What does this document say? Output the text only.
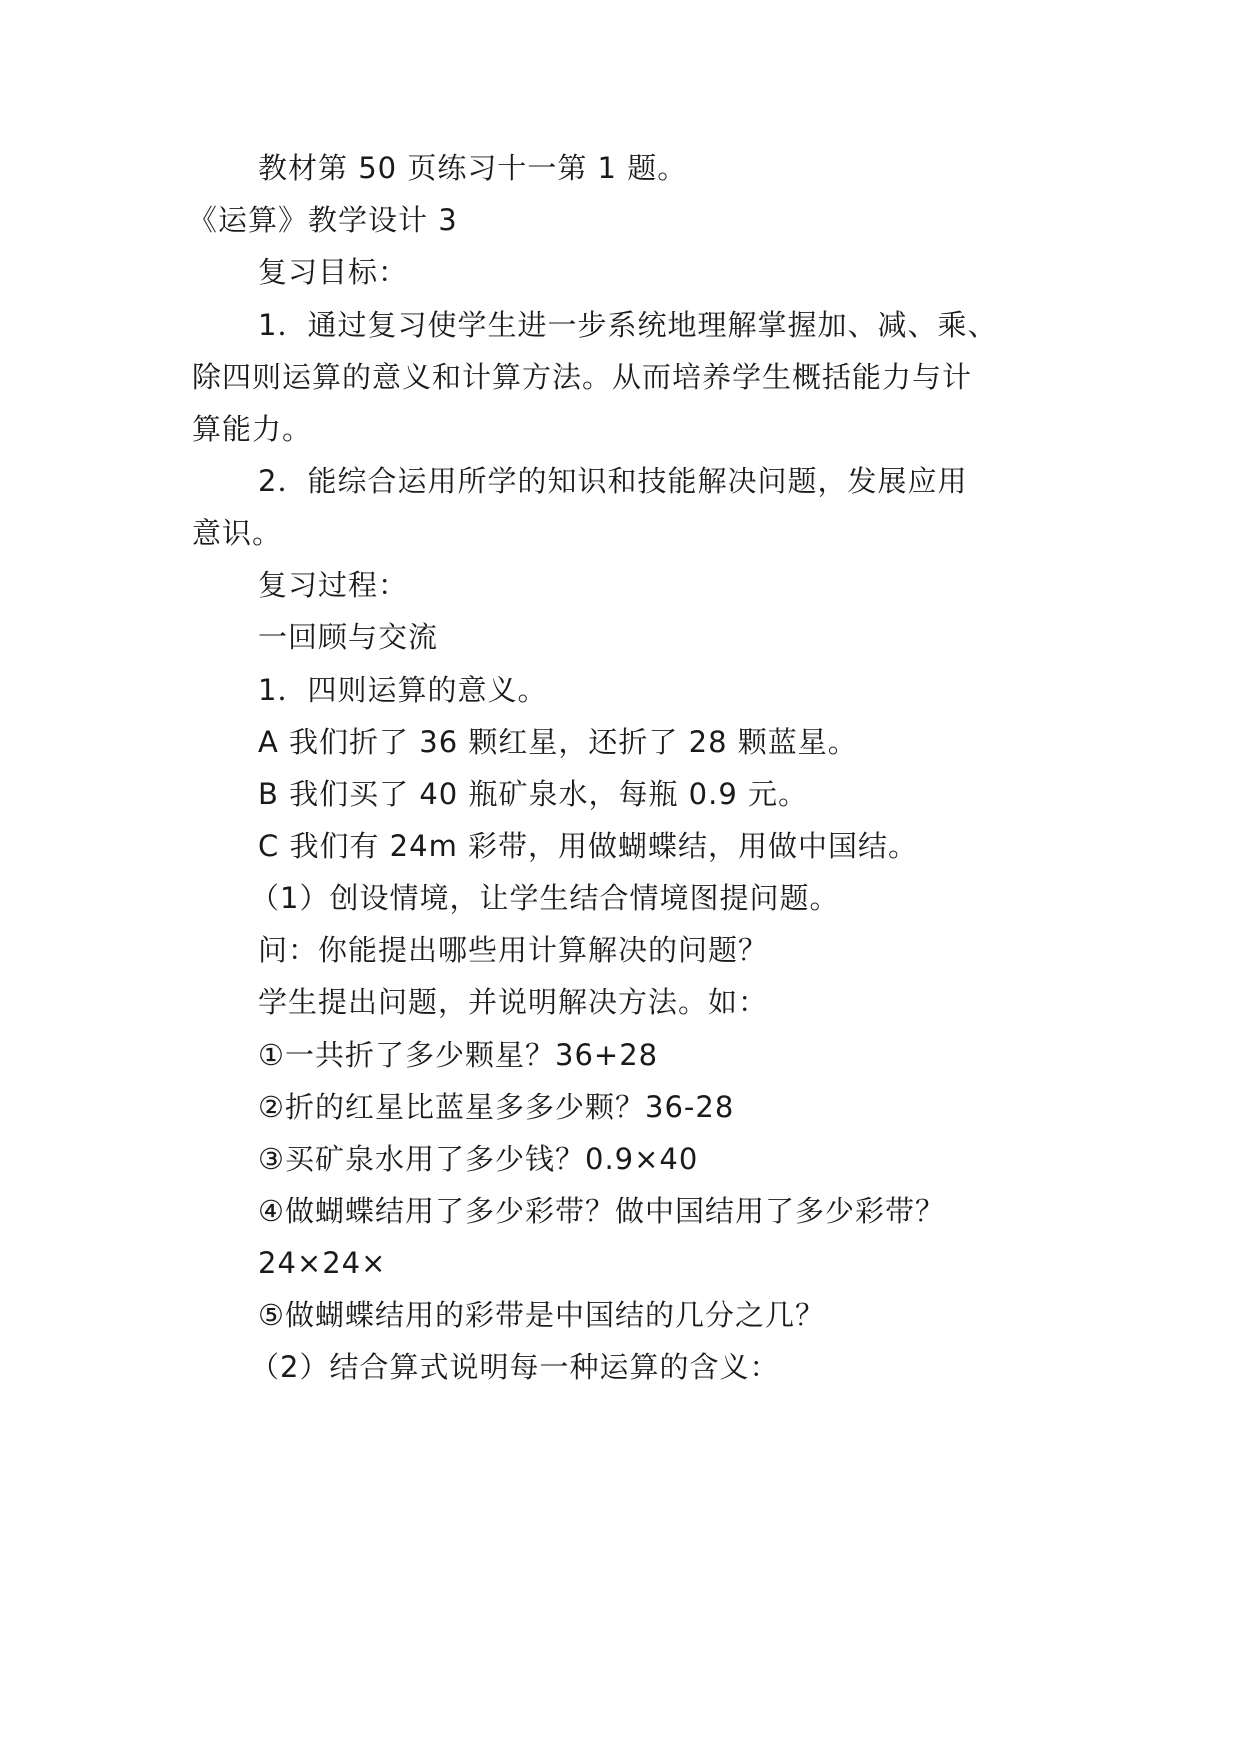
教材第 50 页练习十一第 1 题。
《运算》教学设计 3
复习目标：
1．通过复习使学生进一步系统地理解掌握加、减、乘、
除四则运算的意义和计算方法。从而培养学生概括能力与计
算能力。
2．能综合运用所学的知识和技能解决问题，发展应用
意识。
复习过程：
一回顾与交流
1．四则运算的意义。
A 我们折了 36 颗红星，还折了 28 颗蓝星。
B 我们买了 40 瓶矿泉水，每瓶 0.9 元。
C 我们有 24m 彩带，用做蝴蝶结，用做中国结。
（1）创设情境，让学生结合情境图提问题。
问：你能提出哪些用计算解决的问题？
学生提出问题，并说明解决方法。如：
①一共折了多少颗星？36+28
②折的红星比蓝星多多少颗？36-28
③买矿泉水用了多少钱？0.9×40
④做蝴蝶结用了多少彩带？做中国结用了多少彩带？
24×24×
⑤做蝴蝶结用的彩带是中国结的几分之几？
（2）结合算式说明每一种运算的含义：
